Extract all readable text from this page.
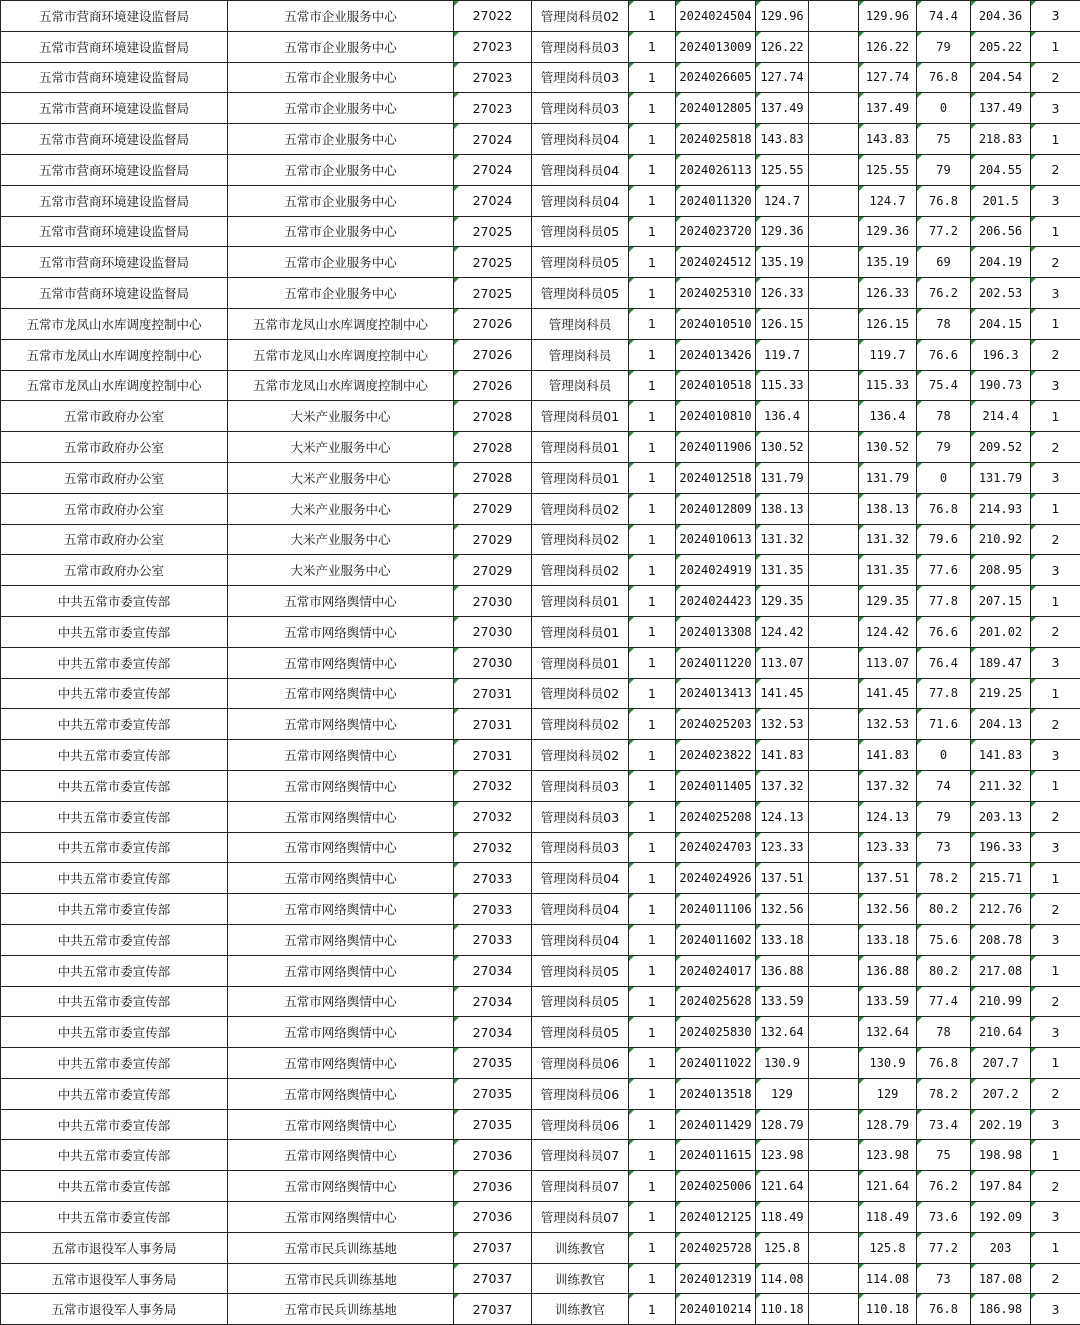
五常市营商环境建设监督局	五常市企业服务中心	27022	管理岗科员02	1	2024024504	129.96		129.96	74.4	204.36	3
五常市营商环境建设监督局	五常市企业服务中心	27023	管理岗科员03	1	2024013009	126.22		126.22	79	205.22	1
五常市营商环境建设监督局	五常市企业服务中心	27023	管理岗科员03	1	2024026605	127.74		127.74	76.8	204.54	2
五常市营商环境建设监督局	五常市企业服务中心	27023	管理岗科员03	1	2024012805	137.49		137.49	0	137.49	3
五常市营商环境建设监督局	五常市企业服务中心	27024	管理岗科员04	1	2024025818	143.83		143.83	75	218.83	1
五常市营商环境建设监督局	五常市企业服务中心	27024	管理岗科员04	1	2024026113	125.55		125.55	79	204.55	2
五常市营商环境建设监督局	五常市企业服务中心	27024	管理岗科员04	1	2024011320	124.7		124.7	76.8	201.5	3
五常市营商环境建设监督局	五常市企业服务中心	27025	管理岗科员05	1	2024023720	129.36		129.36	77.2	206.56	1
五常市营商环境建设监督局	五常市企业服务中心	27025	管理岗科员05	1	2024024512	135.19		135.19	69	204.19	2
五常市营商环境建设监督局	五常市企业服务中心	27025	管理岗科员05	1	2024025310	126.33		126.33	76.2	202.53	3
五常市龙凤山水库调度控制中心	五常市龙凤山水库调度控制中心	27026	管理岗科员	1	2024010510	126.15		126.15	78	204.15	1
五常市龙凤山水库调度控制中心	五常市龙凤山水库调度控制中心	27026	管理岗科员	1	2024013426	119.7		119.7	76.6	196.3	2
五常市龙凤山水库调度控制中心	五常市龙凤山水库调度控制中心	27026	管理岗科员	1	2024010518	115.33		115.33	75.4	190.73	3
五常市政府办公室	大米产业服务中心	27028	管理岗科员01	1	2024010810	136.4		136.4	78	214.4	1
五常市政府办公室	大米产业服务中心	27028	管理岗科员01	1	2024011906	130.52		130.52	79	209.52	2
五常市政府办公室	大米产业服务中心	27028	管理岗科员01	1	2024012518	131.79		131.79	0	131.79	3
五常市政府办公室	大米产业服务中心	27029	管理岗科员02	1	2024012809	138.13		138.13	76.8	214.93	1
五常市政府办公室	大米产业服务中心	27029	管理岗科员02	1	2024010613	131.32		131.32	79.6	210.92	2
五常市政府办公室	大米产业服务中心	27029	管理岗科员02	1	2024024919	131.35		131.35	77.6	208.95	3
中共五常市委宣传部	五常市网络舆情中心	27030	管理岗科员01	1	2024024423	129.35		129.35	77.8	207.15	1
中共五常市委宣传部	五常市网络舆情中心	27030	管理岗科员01	1	2024013308	124.42		124.42	76.6	201.02	2
中共五常市委宣传部	五常市网络舆情中心	27030	管理岗科员01	1	2024011220	113.07		113.07	76.4	189.47	3
中共五常市委宣传部	五常市网络舆情中心	27031	管理岗科员02	1	2024013413	141.45		141.45	77.8	219.25	1
中共五常市委宣传部	五常市网络舆情中心	27031	管理岗科员02	1	2024025203	132.53		132.53	71.6	204.13	2
中共五常市委宣传部	五常市网络舆情中心	27031	管理岗科员02	1	2024023822	141.83		141.83	0	141.83	3
中共五常市委宣传部	五常市网络舆情中心	27032	管理岗科员03	1	2024011405	137.32		137.32	74	211.32	1
中共五常市委宣传部	五常市网络舆情中心	27032	管理岗科员03	1	2024025208	124.13		124.13	79	203.13	2
中共五常市委宣传部	五常市网络舆情中心	27032	管理岗科员03	1	2024024703	123.33		123.33	73	196.33	3
中共五常市委宣传部	五常市网络舆情中心	27033	管理岗科员04	1	2024024926	137.51		137.51	78.2	215.71	1
中共五常市委宣传部	五常市网络舆情中心	27033	管理岗科员04	1	2024011106	132.56		132.56	80.2	212.76	2
中共五常市委宣传部	五常市网络舆情中心	27033	管理岗科员04	1	2024011602	133.18		133.18	75.6	208.78	3
中共五常市委宣传部	五常市网络舆情中心	27034	管理岗科员05	1	2024024017	136.88		136.88	80.2	217.08	1
中共五常市委宣传部	五常市网络舆情中心	27034	管理岗科员05	1	2024025628	133.59		133.59	77.4	210.99	2
中共五常市委宣传部	五常市网络舆情中心	27034	管理岗科员05	1	2024025830	132.64		132.64	78	210.64	3
中共五常市委宣传部	五常市网络舆情中心	27035	管理岗科员06	1	2024011022	130.9		130.9	76.8	207.7	1
中共五常市委宣传部	五常市网络舆情中心	27035	管理岗科员06	1	2024013518	129		129	78.2	207.2	2
中共五常市委宣传部	五常市网络舆情中心	27035	管理岗科员06	1	2024011429	128.79		128.79	73.4	202.19	3
中共五常市委宣传部	五常市网络舆情中心	27036	管理岗科员07	1	2024011615	123.98		123.98	75	198.98	1
中共五常市委宣传部	五常市网络舆情中心	27036	管理岗科员07	1	2024025006	121.64		121.64	76.2	197.84	2
中共五常市委宣传部	五常市网络舆情中心	27036	管理岗科员07	1	2024012125	118.49		118.49	73.6	192.09	3
五常市退役军人事务局	五常市民兵训练基地	27037	训练教官	1	2024025728	125.8		125.8	77.2	203	1
五常市退役军人事务局	五常市民兵训练基地	27037	训练教官	1	2024012319	114.08		114.08	73	187.08	2
五常市退役军人事务局	五常市民兵训练基地	27037	训练教官	1	2024010214	110.18		110.18	76.8	186.98	3
